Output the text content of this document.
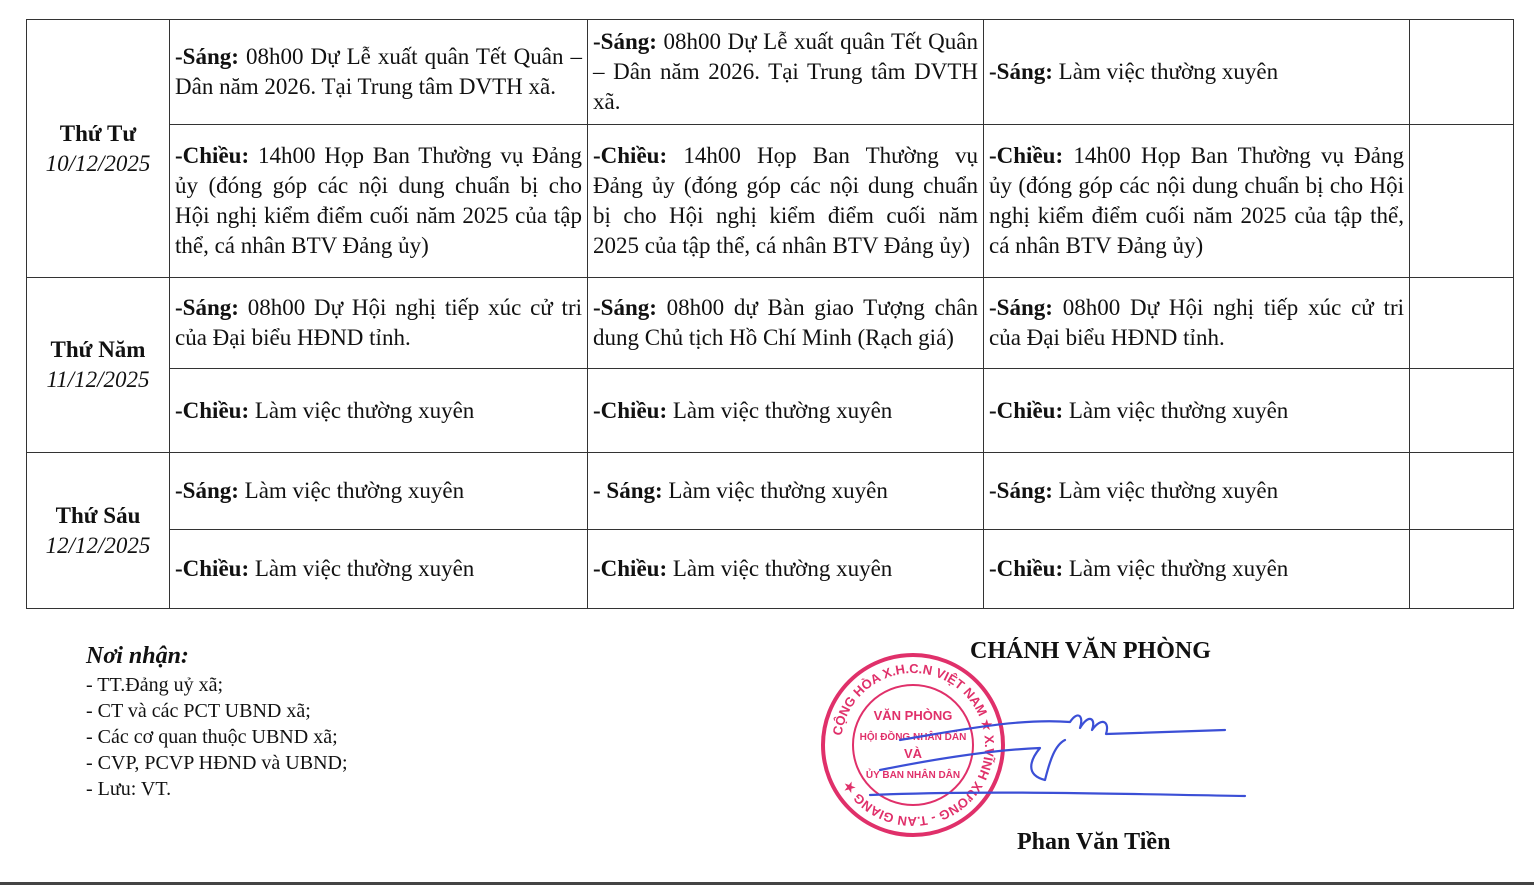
Thứ Tư
10/12/2025	-Sáng: 08h00 Dự Lễ xuất quân Tết Quân – Dân năm 2026. Tại Trung tâm DVTH xã.	-Sáng: 08h00 Dự Lễ xuất quân Tết Quân – Dân năm 2026. Tại Trung tâm DVTH xã.	-Sáng: Làm việc thường xuyên	
	-Chiều: 14h00 Họp Ban Thường vụ Đảng ủy (đóng góp các nội dung chuẩn bị cho Hội nghị kiểm điểm cuối năm 2025 của tập thể, cá nhân BTV Đảng ủy)	-Chiều: 14h00 Họp Ban Thường vụ Đảng ủy (đóng góp các nội dung chuẩn bị cho Hội nghị kiểm điểm cuối năm 2025 của tập thể, cá nhân BTV Đảng ủy)	-Chiều: 14h00 Họp Ban Thường vụ Đảng ủy (đóng góp các nội dung chuẩn bị cho Hội nghị kiểm điểm cuối năm 2025 của tập thể, cá nhân BTV Đảng ủy)	

Thứ Năm
11/12/2025	-Sáng: 08h00 Dự Hội nghị tiếp xúc cử tri của Đại biểu HĐND tỉnh.	-Sáng: 08h00 dự Bàn giao Tượng chân dung Chủ tịch Hồ Chí Minh (Rạch giá)	-Sáng: 08h00 Dự Hội nghị tiếp xúc cử tri của Đại biểu HĐND tỉnh.	
	-Chiều: Làm việc thường xuyên	-Chiều: Làm việc thường xuyên	-Chiều: Làm việc thường xuyên	

Thứ Sáu
12/12/2025	-Sáng: Làm việc thường xuyên	- Sáng: Làm việc thường xuyên	-Sáng: Làm việc thường xuyên	
	-Chiều: Làm việc thường xuyên	-Chiều: Làm việc thường xuyên	-Chiều: Làm việc thường xuyên	
Nơi nhận:
- TT.Đảng uỷ xã;
- CT và các PCT UBND xã;
- Các cơ quan thuộc UBND xã;
- CVP, PCVP HĐND và UBND;
- Lưu: VT.
CHÁNH VĂN PHÒNG
CỘNG HÒA X.H.C.N VIỆT NAM ★ X.VĨNH XƯƠNG - T.AN GIANG ★
VĂN PHÒNG
HỘI ĐỒNG NHÂN DÂN
VÀ
ỦY BAN NHÂN DÂN
Phan Văn Tiền
